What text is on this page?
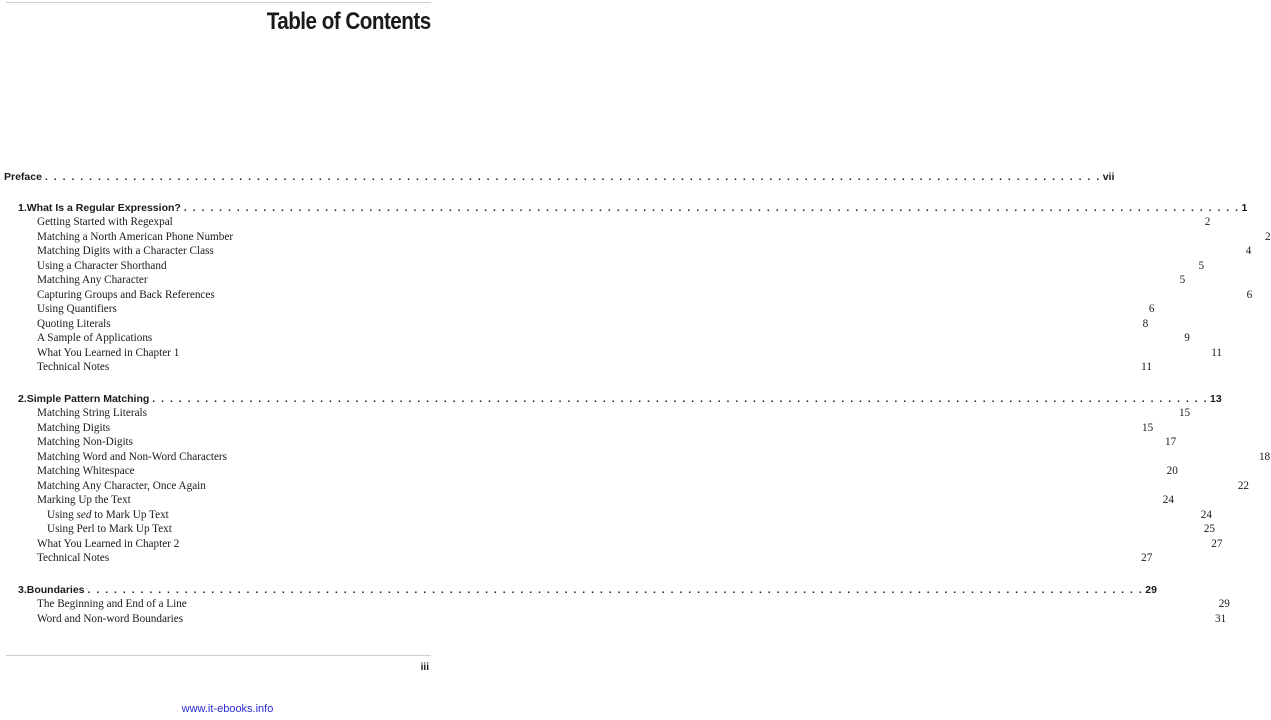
Table of Contents
Preface . . . . . . . . . . . . . . . . . . . . . . . . . . . . . . . . . . . . . . . . . . . . . . . . . . . . . . . . . . . . . . . . . . . . . . . . . . . . . . . . . . . . . . . . . . . . . . . . . . . . . . . . . . . . . . . . . . . . . . . . vii
1. What Is a Regular Expression? . . . . . . . . . . . . . . . . . . . . . . . . . . . . . . . . . . . . . . . . . . . . . . . . . . . . . . . . . . . . . . . . . . . . . . . . . . . . . . . . . . . . . . . . . . . . . . . . . . . . . . . . . . . . . . . . . . . . . . . . 1
Getting Started with Regexpal	2
Matching a North American Phone Number	2
Matching Digits with a Character Class	4
Using a Character Shorthand	5
Matching Any Character	5
Capturing Groups and Back References	6
Using Quantifiers	6
Quoting Literals	8
A Sample of Applications	9
What You Learned in Chapter 1	11
Technical Notes	11
2. Simple Pattern Matching . . . . . . . . . . . . . . . . . . . . . . . . . . . . . . . . . . . . . . . . . . . . . . . . . . . . . . . . . . . . . . . . . . . . . . . . . . . . . . . . . . . . . . . . . . . . . . . . . . . . . . . . . . . . . . . . . . . . . . . . 13
Matching String Literals	15
Matching Digits	15
Matching Non-Digits	17
Matching Word and Non-Word Characters	18
Matching Whitespace	20
Matching Any Character, Once Again	22
Marking Up the Text	24
Using sed to Mark Up Text	24
Using Perl to Mark Up Text	25
What You Learned in Chapter 2	27
Technical Notes	27
3. Boundaries . . . . . . . . . . . . . . . . . . . . . . . . . . . . . . . . . . . . . . . . . . . . . . . . . . . . . . . . . . . . . . . . . . . . . . . . . . . . . . . . . . . . . . . . . . . . . . . . . . . . . . . . . . . . . . . . . . . . . . . . 29
The Beginning and End of a Line	29
Word and Non-word Boundaries	31
iii
www.it-ebooks.info
